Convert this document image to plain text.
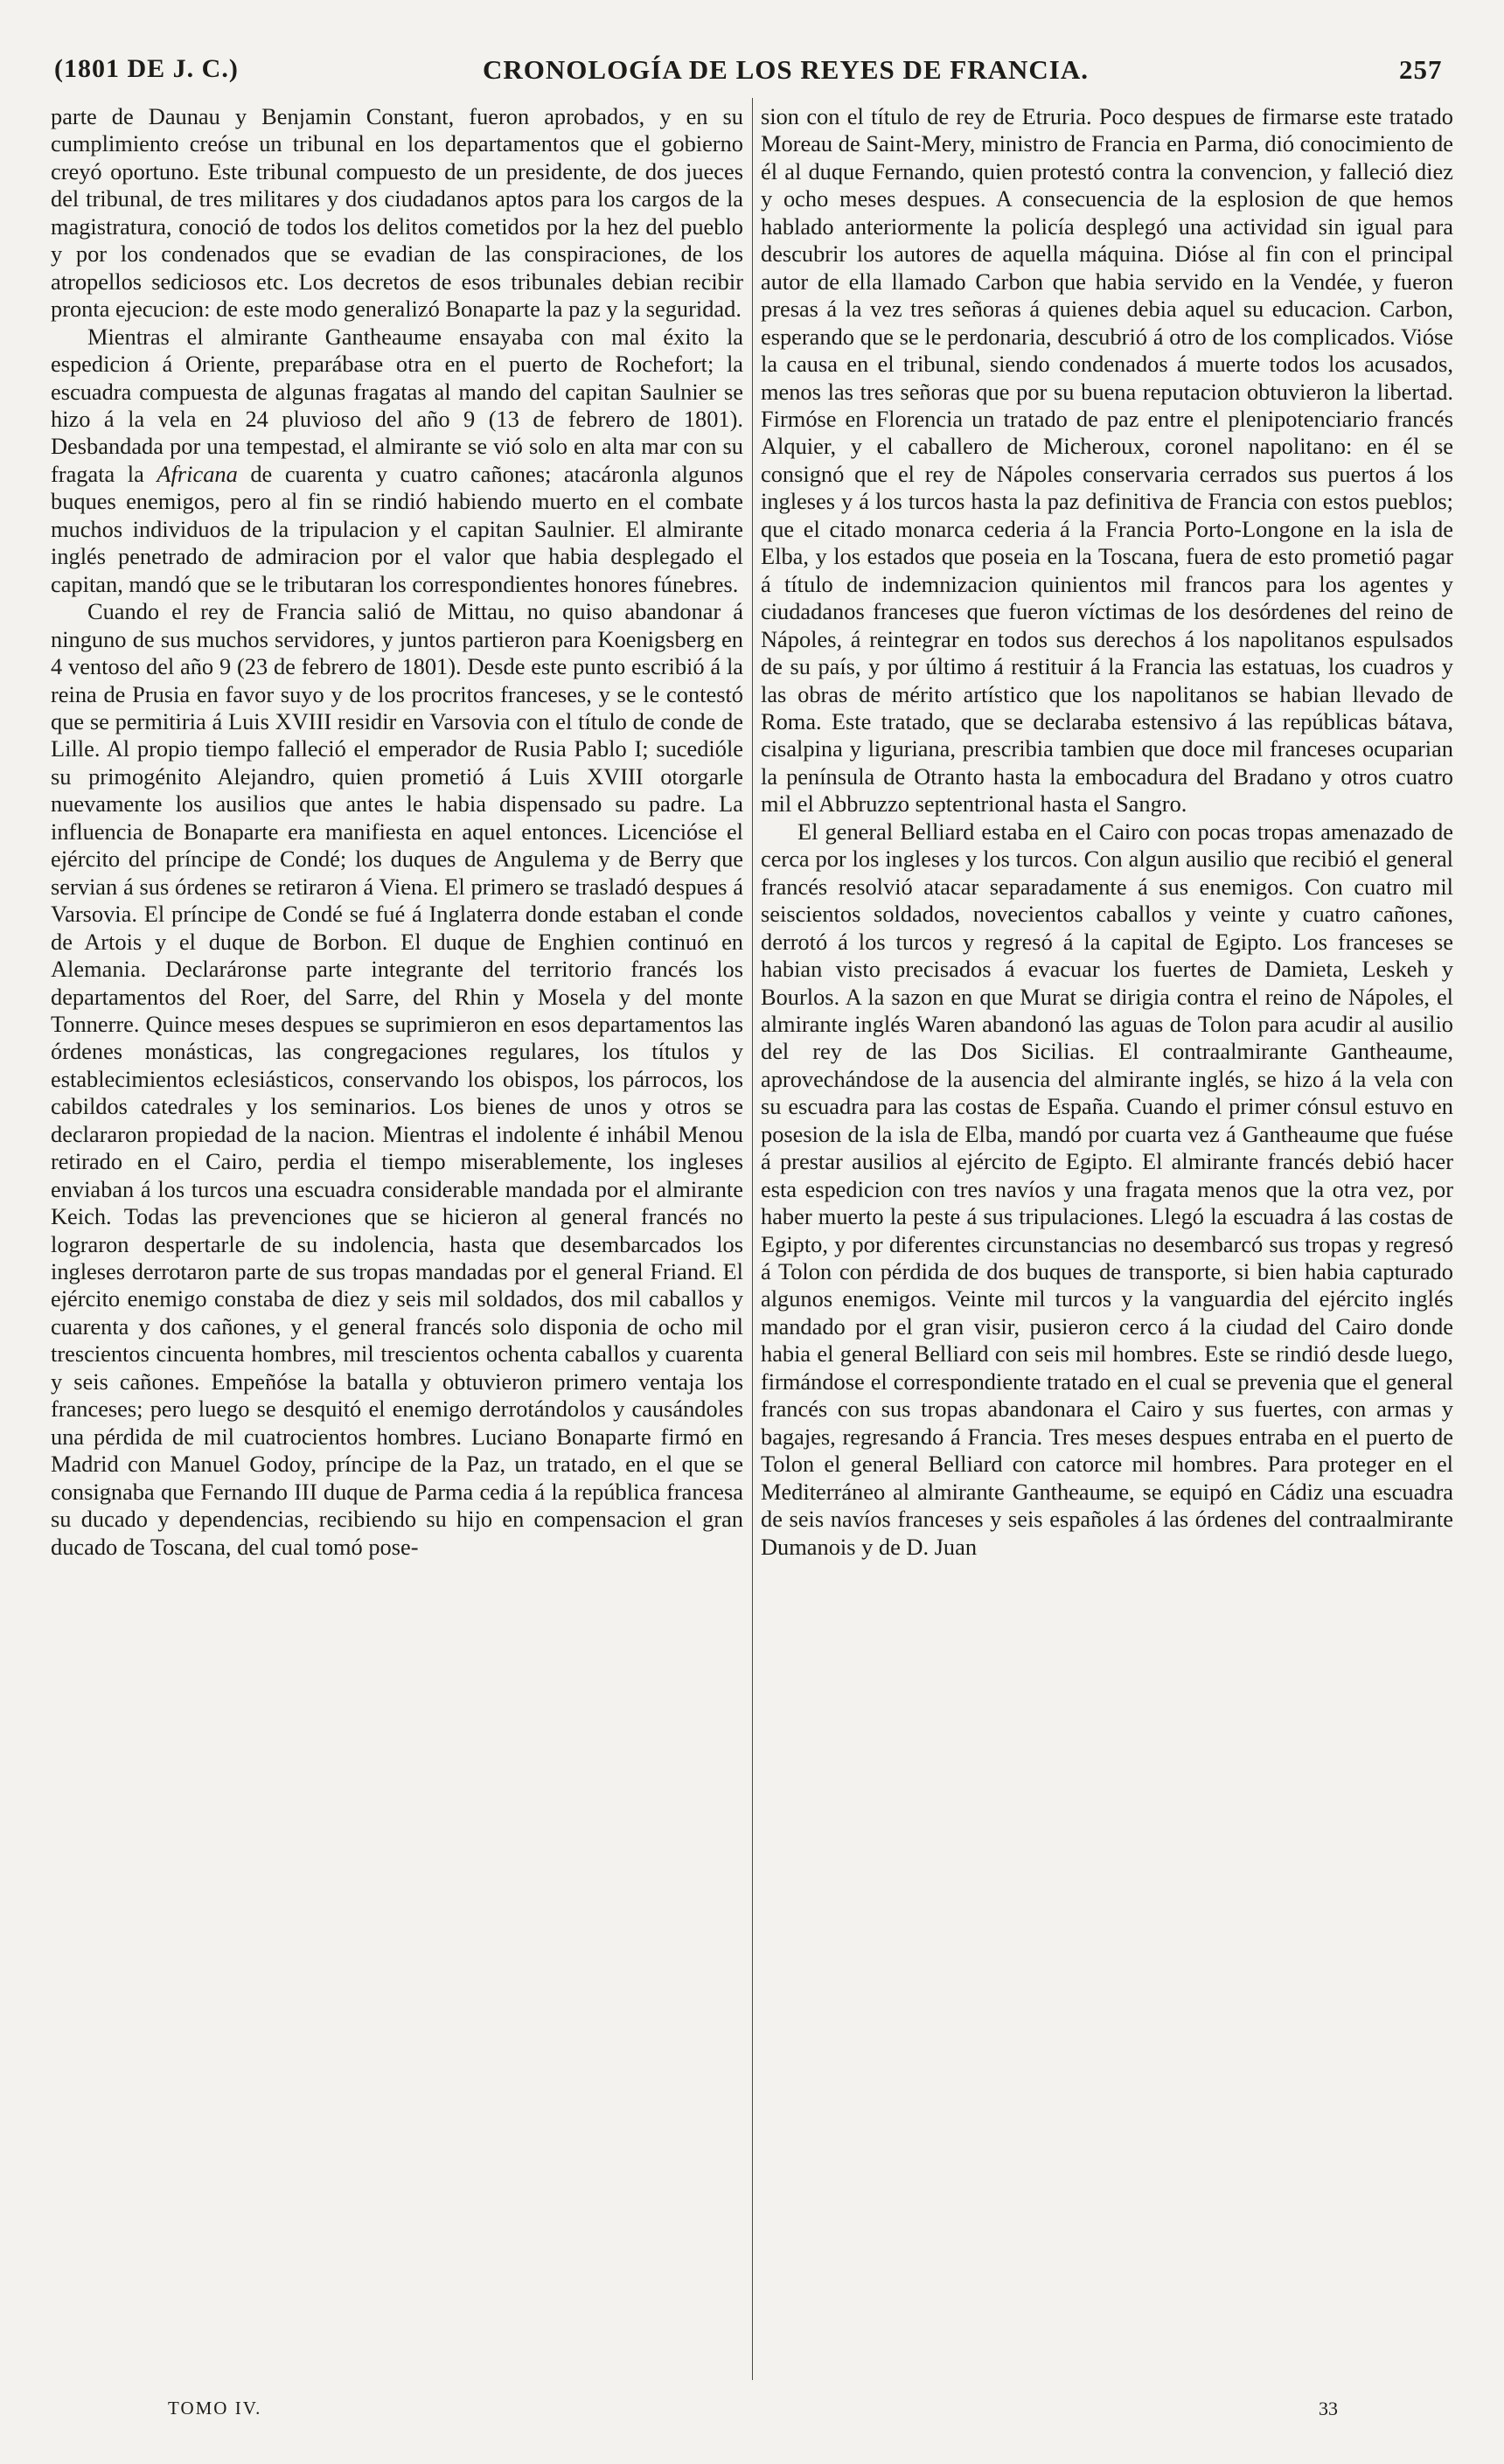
(1801 DE J. C.)	CRONOLOGÍA DE LOS REYES DE FRANCIA.	257

parte de Daunau y Benjamin Constant, fueron aprobados, y en su cumplimiento creóse un tribunal en los departamentos que el gobierno creyó oportuno. Este tribunal compuesto de un presidente, de dos jueces del tribunal, de tres militares y dos ciudadanos aptos para los cargos de la magistratura, conoció de todos los delitos cometidos por la hez del pueblo y por los condenados que se evadian de las conspiraciones, de los atropellos sediciosos etc. Los decretos de esos tribunales debian recibir pronta ejecucion: de este modo generalizó Bonaparte la paz y la seguridad.

Mientras el almirante Gantheaume ensayaba con mal éxito la espedicion á Oriente, preparábase otra en el puerto de Rochefort; la escuadra compuesta de algunas fragatas al mando del capitan Saulnier se hizo á la vela en 24 pluvioso del año 9 (13 de febrero de 1801). Desbandada por una tempestad, el almirante se vió solo en alta mar con su fragata la Africana de cuarenta y cuatro cañones; atacáronla algunos buques enemigos, pero al fin se rindió habiendo muerto en el combate muchos individuos de la tripulacion y el capitan Saulnier. El almirante inglés penetrado de admiracion por el valor que habia desplegado el capitan, mandó que se le tributaran los correspondientes honores fúnebres.

Cuando el rey de Francia salió de Mittau, no quiso abandonar á ninguno de sus muchos servidores, y juntos partieron para Koenigsberg en 4 ventoso del año 9 (23 de febrero de 1801). Desde este punto escribió á la reina de Prusia en favor suyo y de los procritos franceses, y se le contestó que se permitiria á Luis XVIII residir en Varsovia con el título de conde de Lille. Al propio tiempo falleció el emperador de Rusia Pablo I; sucedióle su primogénito Alejandro, quien prometió á Luis XVIII otorgarle nuevamente los ausilios que antes le habia dispensado su padre. La influencia de Bonaparte era manifiesta en aquel entonces. Licencióse el ejército del príncipe de Condé; los duques de Angulema y de Berry que servian á sus órdenes se retiraron á Viena. El primero se trasladó despues á Varsovia. El príncipe de Condé se fué á Inglaterra donde estaban el conde de Artois y el duque de Borbon. El duque de Enghien continuó en Alemania. Declaráronse parte integrante del territorio francés los departamentos del Roer, del Sarre, del Rhin y Mosela y del monte Tonnerre. Quince meses despues se suprimieron en esos departamentos las órdenes monásticas, las congregaciones regulares, los títulos y establecimientos eclesiásticos, conservando los obispos, los párrocos, los cabildos catedrales y los seminarios. Los bienes de unos y otros se declararon propiedad de la nacion. Mientras el indolente é inhábil Menou retirado en el Cairo, perdia el tiempo miserablemente, los ingleses enviaban á los turcos una escuadra considerable mandada por el almirante Keich. Todas las prevenciones que se hicieron al general francés no lograron despertarle de su indolencia, hasta que desembarcados los ingleses derrotaron parte de sus tropas mandadas por el general Friand. El ejército enemigo constaba de diez y seis mil soldados, dos mil caballos y cuarenta y dos cañones, y el general francés solo disponia de ocho mil trescientos cincuenta hombres, mil trescientos ochenta caballos y cuarenta y seis cañones. Empeñóse la batalla y obtuvieron primero ventaja los franceses; pero luego se desquitó el enemigo derrotándolos y causándoles una pérdida de mil cuatrocientos hombres. Luciano Bonaparte firmó en Madrid con Manuel Godoy, príncipe de la Paz, un tratado, en el que se consignaba que Fernando III duque de Parma cedia á la república francesa su ducado y dependencias, recibiendo su hijo en compensacion el gran ducado de Toscana, del cual tomó pose-

sion con el título de rey de Etruria. Poco despues de firmarse este tratado Moreau de Saint-Mery, ministro de Francia en Parma, dió conocimiento de él al duque Fernando, quien protestó contra la convencion, y falleció diez y ocho meses despues. A consecuencia de la esplosion de que hemos hablado anteriormente la policía desplegó una actividad sin igual para descubrir los autores de aquella máquina. Dióse al fin con el principal autor de ella llamado Carbon que habia servido en la Vendée, y fueron presas á la vez tres señoras á quienes debia aquel su educacion. Carbon, esperando que se le perdonaria, descubrió á otro de los complicados. Vióse la causa en el tribunal, siendo condenados á muerte todos los acusados, menos las tres señoras que por su buena reputacion obtuvieron la libertad. Firmóse en Florencia un tratado de paz entre el plenipotenciario francés Alquier, y el caballero de Micheroux, coronel napolitano: en él se consignó que el rey de Nápoles conservaria cerrados sus puertos á los ingleses y á los turcos hasta la paz definitiva de Francia con estos pueblos; que el citado monarca cederia á la Francia Porto-Longone en la isla de Elba, y los estados que poseia en la Toscana, fuera de esto prometió pagar á título de indemnizacion quinientos mil francos para los agentes y ciudadanos franceses que fueron víctimas de los desórdenes del reino de Nápoles, á reintegrar en todos sus derechos á los napolitanos espulsados de su país, y por último á restituir á la Francia las estatuas, los cuadros y las obras de mérito artístico que los napolitanos se habian llevado de Roma. Este tratado, que se declaraba estensivo á las repúblicas bátava, cisalpina y liguriana, prescribia tambien que doce mil franceses ocuparian la península de Otranto hasta la embocadura del Bradano y otros cuatro mil el Abbruzzo septentrional hasta el Sangro.

El general Belliard estaba en el Cairo con pocas tropas amenazado de cerca por los ingleses y los turcos. Con algun ausilio que recibió el general francés resolvió atacar separadamente á sus enemigos. Con cuatro mil seiscientos soldados, novecientos caballos y veinte y cuatro cañones, derrotó á los turcos y regresó á la capital de Egipto. Los franceses se habian visto precisados á evacuar los fuertes de Damieta, Leskeh y Bourlos. A la sazon en que Murat se dirigia contra el reino de Nápoles, el almirante inglés Waren abandonó las aguas de Tolon para acudir al ausilio del rey de las Dos Sicilias. El contraalmirante Gantheaume, aprovechándose de la ausencia del almirante inglés, se hizo á la vela con su escuadra para las costas de España. Cuando el primer cónsul estuvo en posesion de la isla de Elba, mandó por cuarta vez á Gantheaume que fuése á prestar ausilios al ejército de Egipto. El almirante francés debió hacer esta espedicion con tres navíos y una fragata menos que la otra vez, por haber muerto la peste á sus tripulaciones. Llegó la escuadra á las costas de Egipto, y por diferentes circunstancias no desembarcó sus tropas y regresó á Tolon con pérdida de dos buques de transporte, si bien habia capturado algunos enemigos. Veinte mil turcos y la vanguardia del ejército inglés mandado por el gran visir, pusieron cerco á la ciudad del Cairo donde habia el general Belliard con seis mil hombres. Este se rindió desde luego, firmándose el correspondiente tratado en el cual se prevenia que el general francés con sus tropas abandonara el Cairo y sus fuertes, con armas y bagajes, regresando á Francia. Tres meses despues entraba en el puerto de Tolon el general Belliard con catorce mil hombres. Para proteger en el Mediterráneo al almirante Gantheaume, se equipó en Cádiz una escuadra de seis navíos franceses y seis españoles á las órdenes del contraalmirante Dumanois y de D. Juan

TOMO IV.	33
